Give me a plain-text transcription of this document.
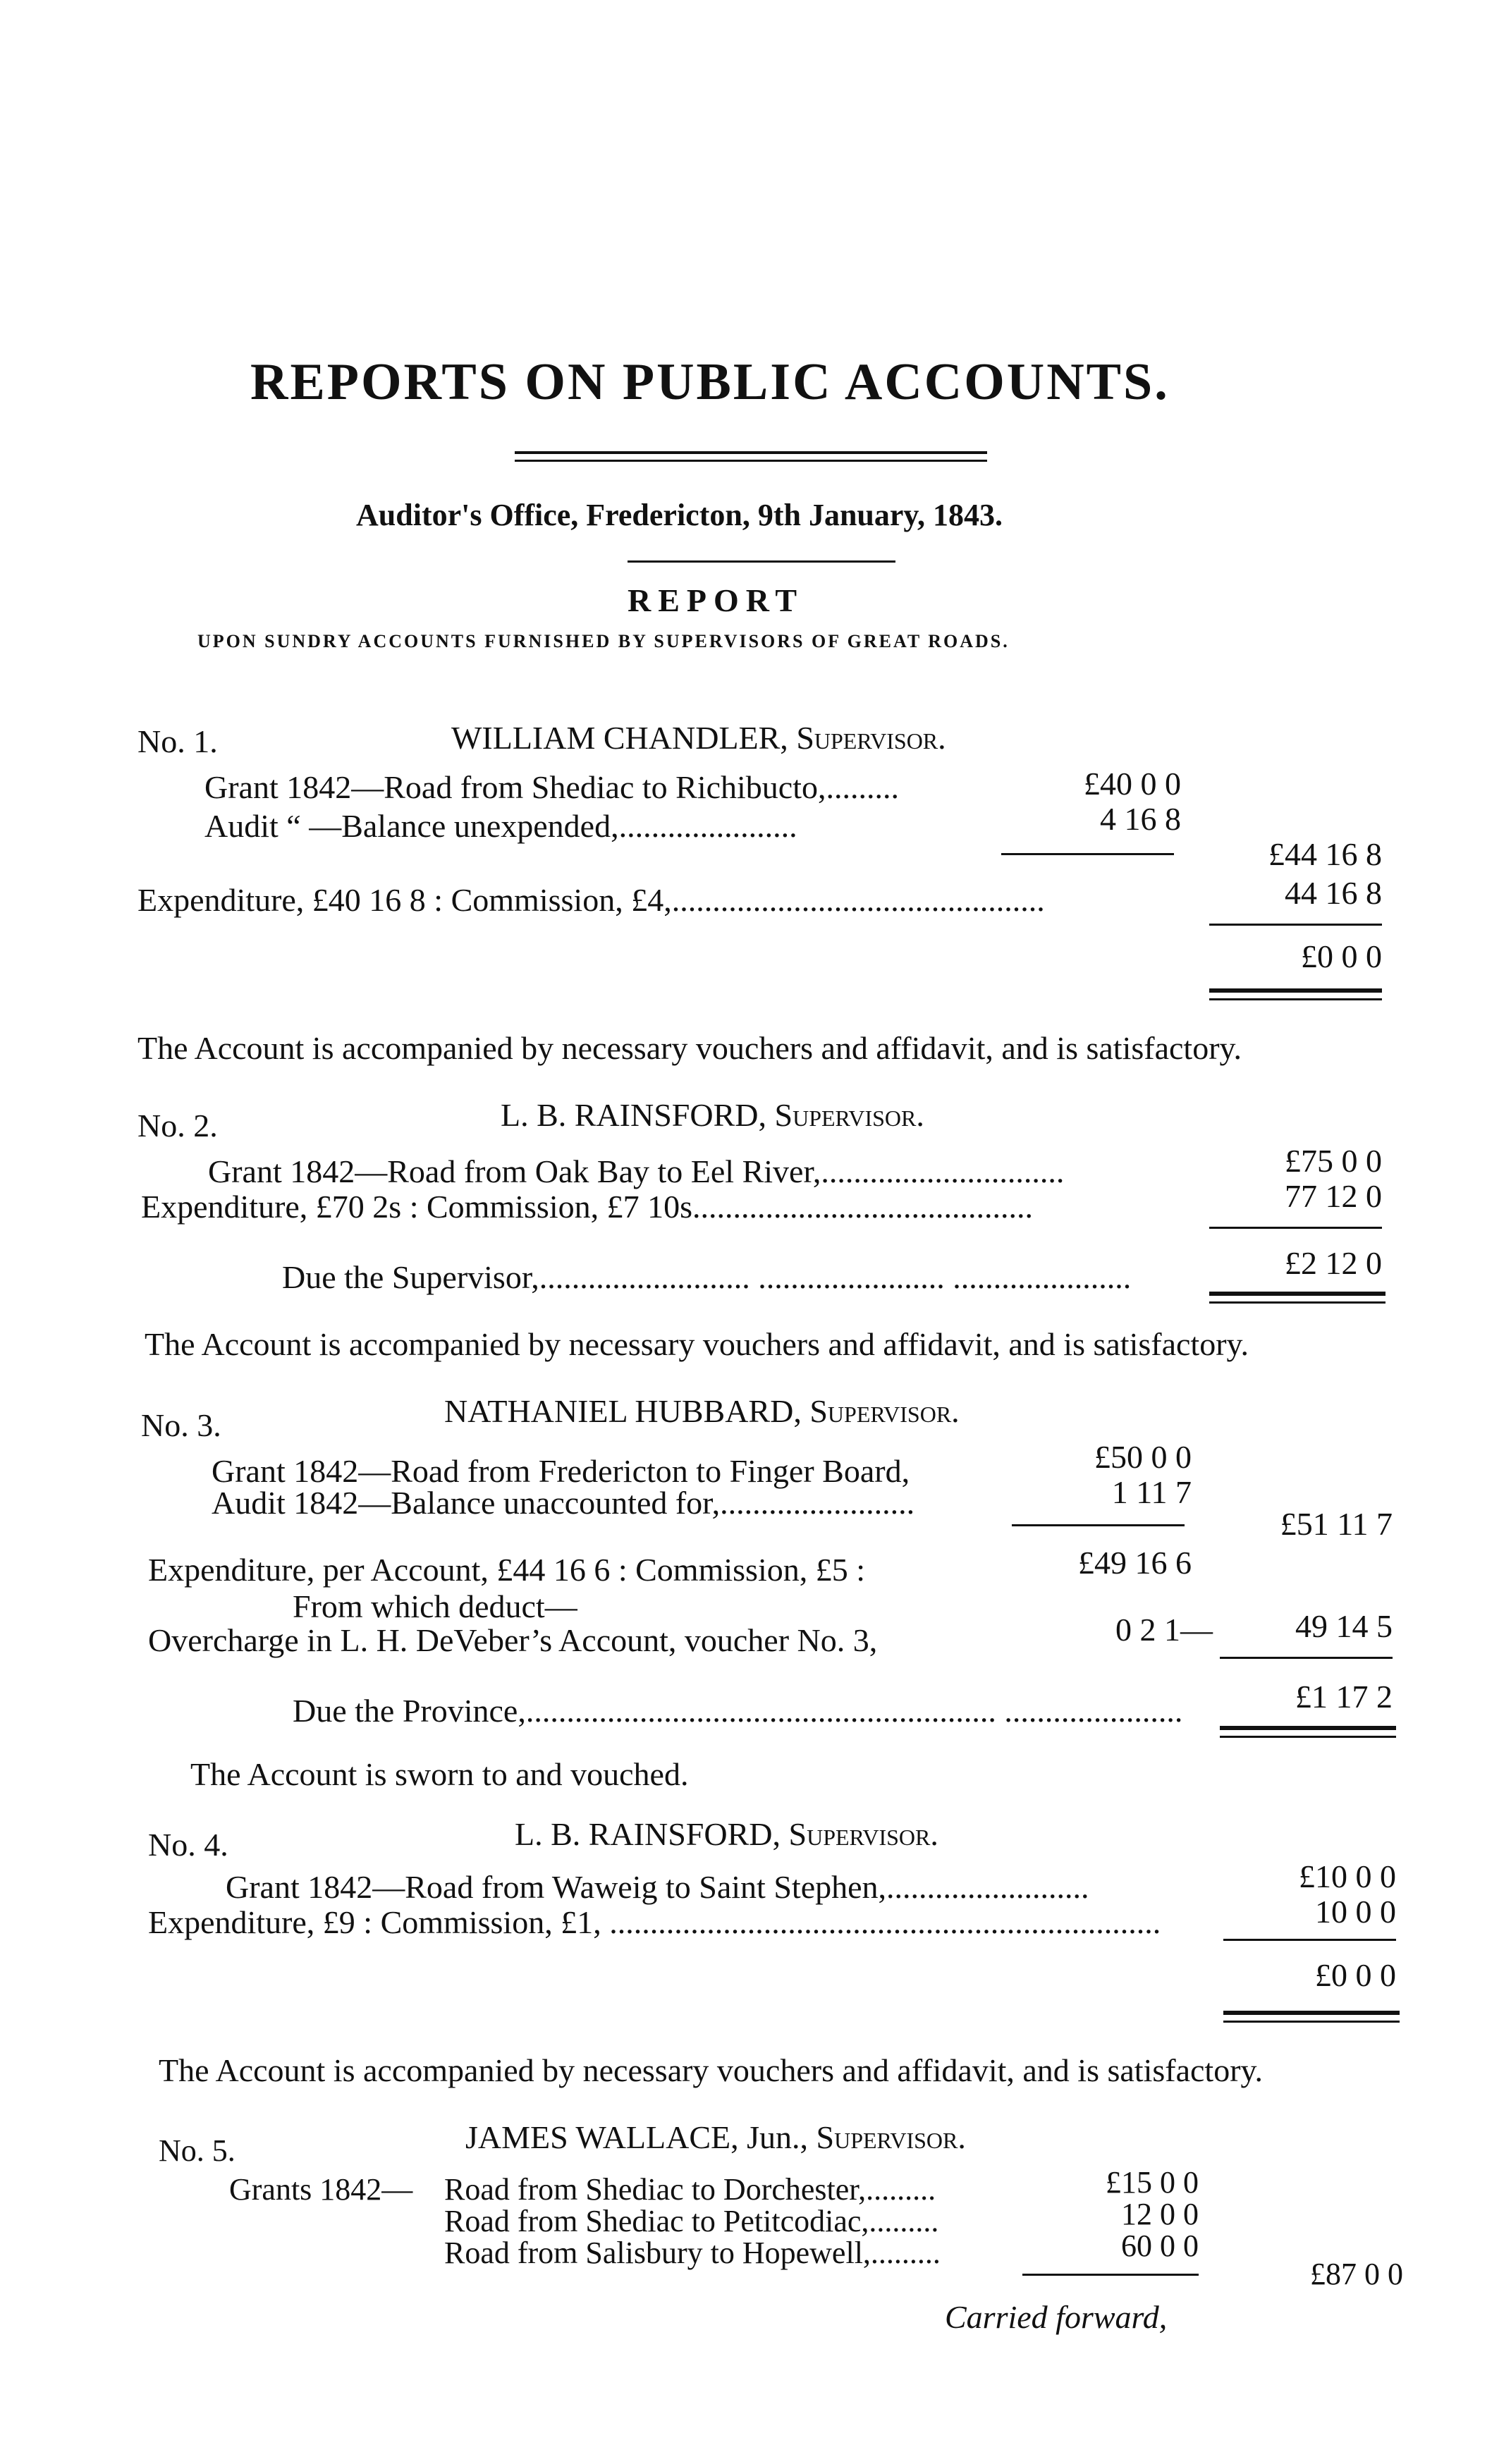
REPORTS ON PUBLIC ACCOUNTS.
Auditor's Office, Fredericton, 9th January, 1843.
REPORT
UPON SUNDRY ACCOUNTS FURNISHED BY SUPERVISORS OF GREAT ROADS.
No. 1.	WILLIAM CHANDLER, Supervisor.
Grant 1842—Road from Shediac to Richibucto,.........	£40 0 0
Audit “ —Balance unexpended,......................	4 16 8
£44 16 8
Expenditure, £40 16 8 : Commission, £4,..............................................	44 16 8
£0 0 0
The Account is accompanied by necessary vouchers and affidavit, and is satisfactory.
No. 2.	L. B. RAINSFORD, Supervisor.
Grant 1842—Road from Oak Bay to Eel River,..............................	£75 0 0
Expenditure, £70 2s : Commission, £7 10s..........................................	77 12 0
Due the Supervisor,.......................... ....................... ......................	£2 12 0
The Account is accompanied by necessary vouchers and affidavit, and is satisfactory.
No. 3.	NATHANIEL HUBBARD, Supervisor.
Grant 1842—Road from Fredericton to Finger Board,	£50 0 0
Audit 1842—Balance unaccounted for,........................	1 11 7
£51 11 7
Expenditure, per Account, £44 16 6 : Commission, £5 :	£49 16 6
From which deduct—
Overcharge in L. H. DeVeber’s Account, voucher No. 3,	0 2 1—	49 14 5
Due the Province,.......................................................... ......................	£1 17 2
The Account is sworn to and vouched.
No. 4.	L. B. RAINSFORD, Supervisor.
Grant 1842—Road from Waweig to Saint Stephen,.........................	£10 0 0
Expenditure, £9 : Commission, £1, ....................................................................	10 0 0
£0 0 0
The Account is accompanied by necessary vouchers and affidavit, and is satisfactory.
No. 5.	JAMES WALLACE, Jun., Supervisor.
Grants 1842— Road from Shediac to Dorchester,.........	£15 0 0
Road from Shediac to Petitcodiac,.........	12 0 0
Road from Salisbury to Hopewell,.........	60 0 0
£87 0 0
Carried forward,
